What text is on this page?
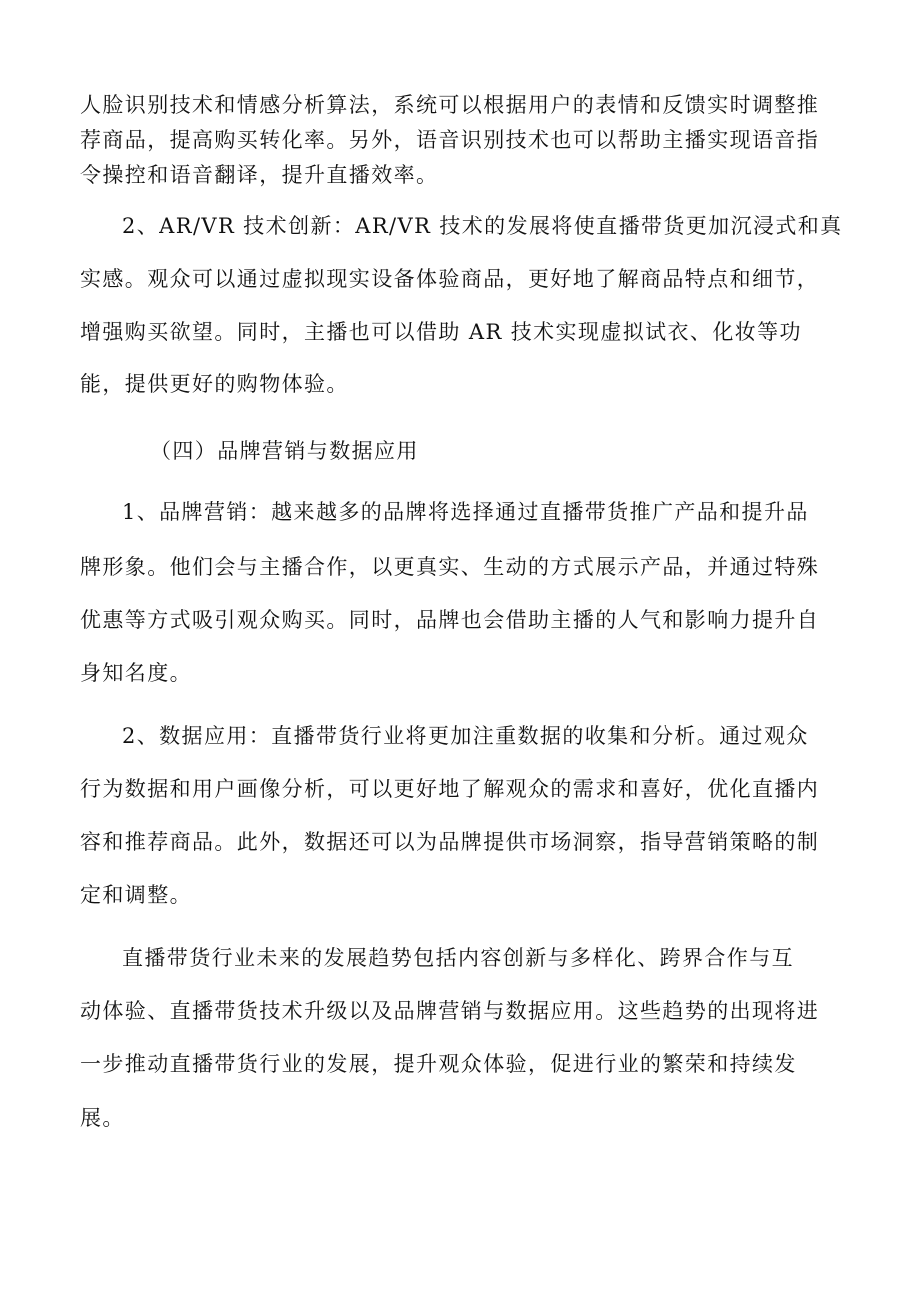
人脸识别技术和情感分析算法，系统可以根据用户的表情和反馈实时调整推

荐商品，提高购买转化率。另外，语音识别技术也可以帮助主播实现语音指

令操控和语音翻译，提升直播效率。

2、AR/VR 技术创新：AR/VR 技术的发展将使直播带货更加沉浸式和真

实感。观众可以通过虚拟现实设备体验商品，更好地了解商品特点和细节，

增强购买欲望。同时，主播也可以借助 AR 技术实现虚拟试衣、化妆等功

能，提供更好的购物体验。

（四）品牌营销与数据应用

1、品牌营销：越来越多的品牌将选择通过直播带货推广产品和提升品

牌形象。他们会与主播合作，以更真实、生动的方式展示产品，并通过特殊

优惠等方式吸引观众购买。同时，品牌也会借助主播的人气和影响力提升自

身知名度。

2、数据应用：直播带货行业将更加注重数据的收集和分析。通过观众

行为数据和用户画像分析，可以更好地了解观众的需求和喜好，优化直播内

容和推荐商品。此外，数据还可以为品牌提供市场洞察，指导营销策略的制

定和调整。

直播带货行业未来的发展趋势包括内容创新与多样化、跨界合作与互

动体验、直播带货技术升级以及品牌营销与数据应用。这些趋势的出现将进

一步推动直播带货行业的发展，提升观众体验，促进行业的繁荣和持续发

展。
